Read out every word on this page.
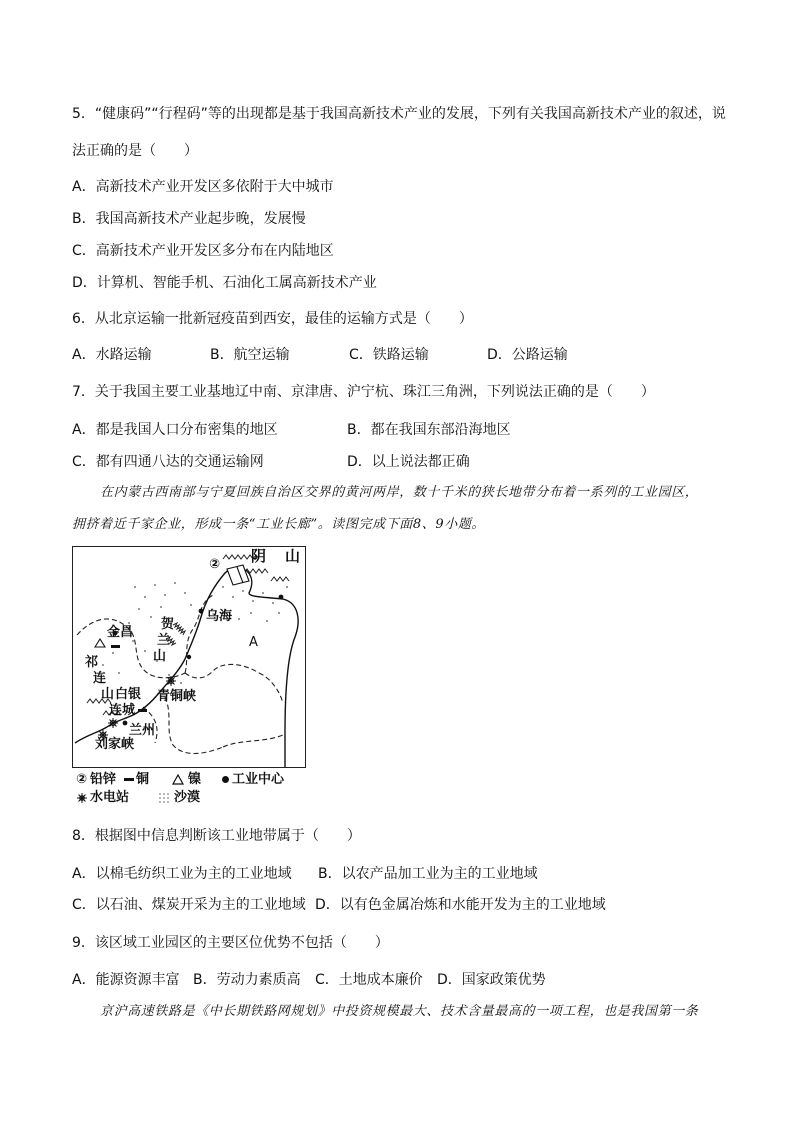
5．“健康码”“行程码”等的出现都是基于我国高新技术产业的发展，下列有关我国高新技术产业的叙述，说
法正确的是（　　）
A．高新技术产业开发区多依附于大中城市
B．我国高新技术产业起步晚，发展慢
C．高新技术产业开发区多分布在内陆地区
D．计算机、智能手机、石油化工属高新技术产业
6．从北京运输一批新冠疫苗到西安，最佳的运输方式是（　　）
A．水路运输	B．航空运输	C．铁路运输	D．公路运输
7．关于我国主要工业基地辽中南、京津唐、沪宁杭、珠江三角洲，下列说法正确的是（　　）
A．都是我国人口分布密集的地区	B．都在我国东部沿海地区
C．都有四通八达的交通运输网	D．以上说法都正确
在内蒙古西南部与宁夏回族自治区交界的黄河两岸，数十千米的狭长地带分布着一系列的工业园区，
拥挤着近千家企业，形成一条“工业长廊”。读图完成下面8、9小题。
② 阴 山
乌海
金昌
贺
兰
山
A
祁
连
山 白银 青铜峡
连城
兰州
刘家峡
② 铅锌 铜	镍 工业中心
水电站	沙漠
8．根据图中信息判断该工业地带属于（　　）
A．以棉毛纺织工业为主的工业地域 B．以农产品加工业为主的工业地域
C．以石油、煤炭开采为主的工业地域 D．以有色金属冶炼和水能开发为主的工业地域
9．该区域工业园区的主要区位优势不包括（　　）
A．能源资源丰富 B．劳动力素质高 C．土地成本廉价 D．国家政策优势
京沪高速铁路是《中长期铁路网规划》中投资规模最大、技术含量最高的一项工程，也是我国第一条
